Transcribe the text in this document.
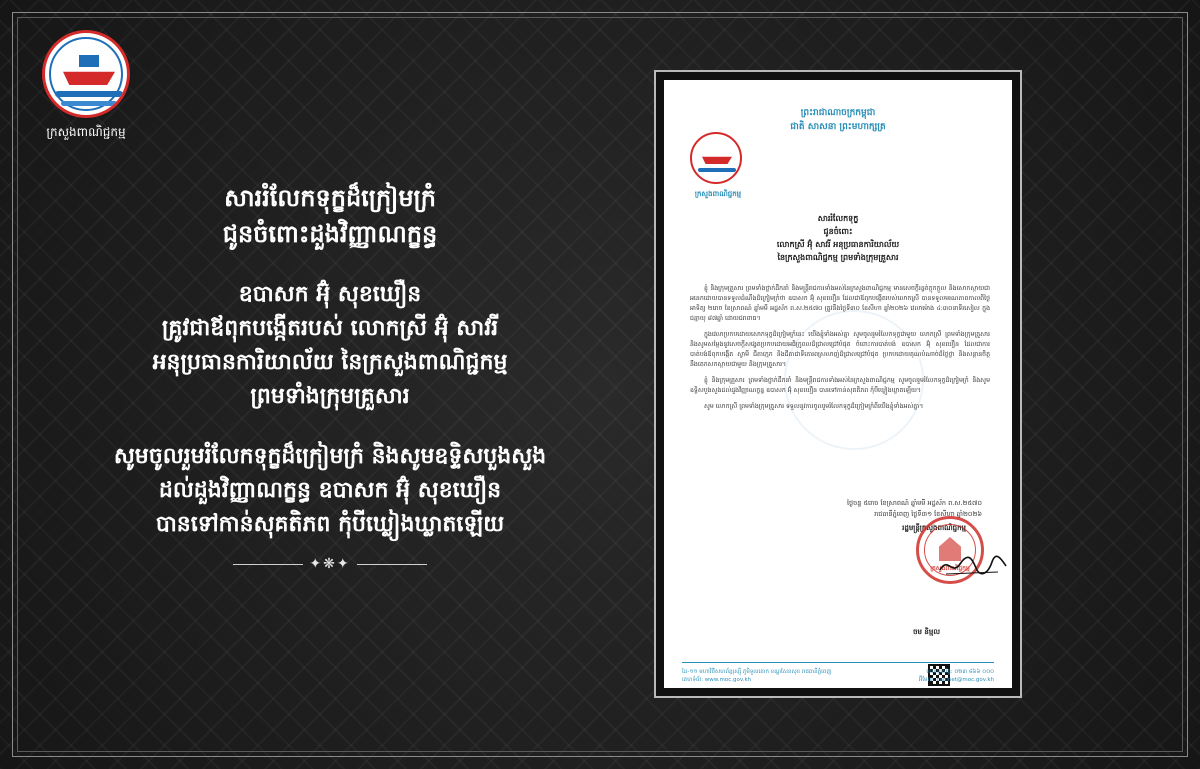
ក្រសួងពាណិជ្ជកម្ម
សាររំលែកទុក្ខដ៏ក្រៀមក្រំ
ជូនចំពោះដួងវិញ្ញាណក្ខន្ធ
ឧបាសក អ៊ុំ សុខឃឿន
គ្រូវជាឪពុកបង្កើតរបស់ លោកស្រី អ៊ុំ សាវរី
អនុប្រធានការិយាល័យ នៃក្រសួងពាណិជ្ជកម្ម
ព្រមទាំងក្រុមគ្រួសារ
សូមចូលរួមរំលែកទុក្ខដ៏ក្រៀមក្រំ និងសូមឧទ្ទិសបួងសួង
ដល់ដួងវិញ្ញាណក្ខន្ធ ឧបាសក អ៊ុំ សុខឃឿន
បានទៅកាន់សុគតិភព កុំបីឃ្លៀងឃ្លាតឡើយ
✦❋✦
ព្រះរាជាណាចក្រកម្ពុជា
ជាតិ សាសនា ព្រះមហាក្សត្រ
ក្រសួងពាណិជ្ជកម្ម
សាររំលែកទុក្ខ
ជូនចំពោះ
លោកស្រី អ៊ុំ សាវរី អនុប្រធានការិយាល័យ
នៃក្រសួងពាណិជ្ជកម្ម ព្រមទាំងក្រុមគ្រួសារ

ខ្ញុំ និងក្រុមគ្រួសារ ព្រមទាំងថ្នាក់ដឹកនាំ និងមន្ត្រីរាជការទាំងអស់នៃក្រសួងពាណិជ្ជកម្ម មានសេចក្តីរន្ធត់ក្តុកក្តួល និងសោកស្តាយជាអនេកដោយបានទទួលដំណឹងដ៏ក្រៀមក្រំថា ឧបាសក អ៊ុំ សុខឃឿន ដែលជាឪពុកបង្កើតរបស់លោកស្រី បានទទួលមរណភាពកាលពីថ្ងៃអាទិត្យ ២រោច ខែស្រាពណ៍ ឆ្នាំមមី អដ្ឋស័ក ព.ស.២៥៧០ ត្រូវនឹងថ្ងៃទី៣០ ខែសីហា ឆ្នាំ២០២៦ វេលាម៉ោង ៤:៣០នាទីរសៀល ក្នុងជន្មាយុ ៨៧ឆ្នាំ ដោយជរាពាធ។

ក្នុងវេលាប្រកបដោយសោកទុក្ខដ៏ក្រៀមក្រំនេះ យើងខ្ញុំទាំងអស់គ្នា សូមចូលរួមរំលែកទុក្ខជាមួយ លោកស្រី ព្រមទាំងក្រុមគ្រួសារ និងសូមសម្តែងនូវសេចក្តីសង្វេគប្រកបដោយអធិក្រូពលដ៏ជ្រាលជ្រៅបំផុត ចំពោះការបាត់បង់ ឧបាសក អ៊ុំ សុខឃឿន ដែលជាការបាត់បង់ឪពុកបង្កើត ស្វាមី ជីតាក្មេក និងជីតាជាទីគោរពស្រលាញ់ដ៏ជ្រាលជ្រៅបំផុត ប្រកបដោយគុណបំណាច់ដ៏ថ្លៃថ្លា និងសន្តានចិត្តនឹងតេកសកស្តាយជាមួយ និងក្រុមគ្រួសារ។

ខ្ញុំ និងក្រុមគ្រួសារ ព្រមទាំងថ្នាក់ដឹកនាំ និងមន្ត្រីរាជការទាំងអស់នៃក្រសួងពាណិជ្ជកម្ម សូមចូលរួមរំលែកទុក្ខដ៏ក្រៀមក្រំ និងសូមឧទ្ទិសបួងសួងដល់ដួងវិញ្ញាណក្ខន្ធ ឧបាសក អ៊ុំ សុខឃឿន បានទៅកាន់សុគតិភព កុំបីឃ្លៀងឃ្លាតឡើយ។

សូម លោកស្រី ព្រមទាំងក្រុមគ្រួសារ ទទួលនូវការចូលរួមរំលែកទុក្ខដ៏ក្រៀមក្រំពីយើងខ្ញុំទាំងអស់គ្នា។

ថ្ងៃចន្ទ ៥រោច ខែស្រាពណ៍ ឆ្នាំមមី អដ្ឋស័ក ព.ស.២៥៧០
រាជធានីភ្នំពេញ ថ្ងៃទី៣១ ខែសីហា ឆ្នាំ២០២៦
រដ្ឋមន្ត្រីក្រសួងពាណិជ្ជកម្ម
ក្រសួងពាណិជ្ជកម្ម
ចម និម្មល
ដៃ-១១ មហាវិថីសហព័ន្ធរុស្ស៊ី ភូមិទួលគោក ខណ្ឌសែនសុខ រាជធានីភ្នំពេញ
គេហទំព័រ: www.moc.gov.kh
លេខទូរស័ព្ទ: ០២៣ ៨៦៦ ០០០
អ៊ីមែល: cabinet@moc.gov.kh
